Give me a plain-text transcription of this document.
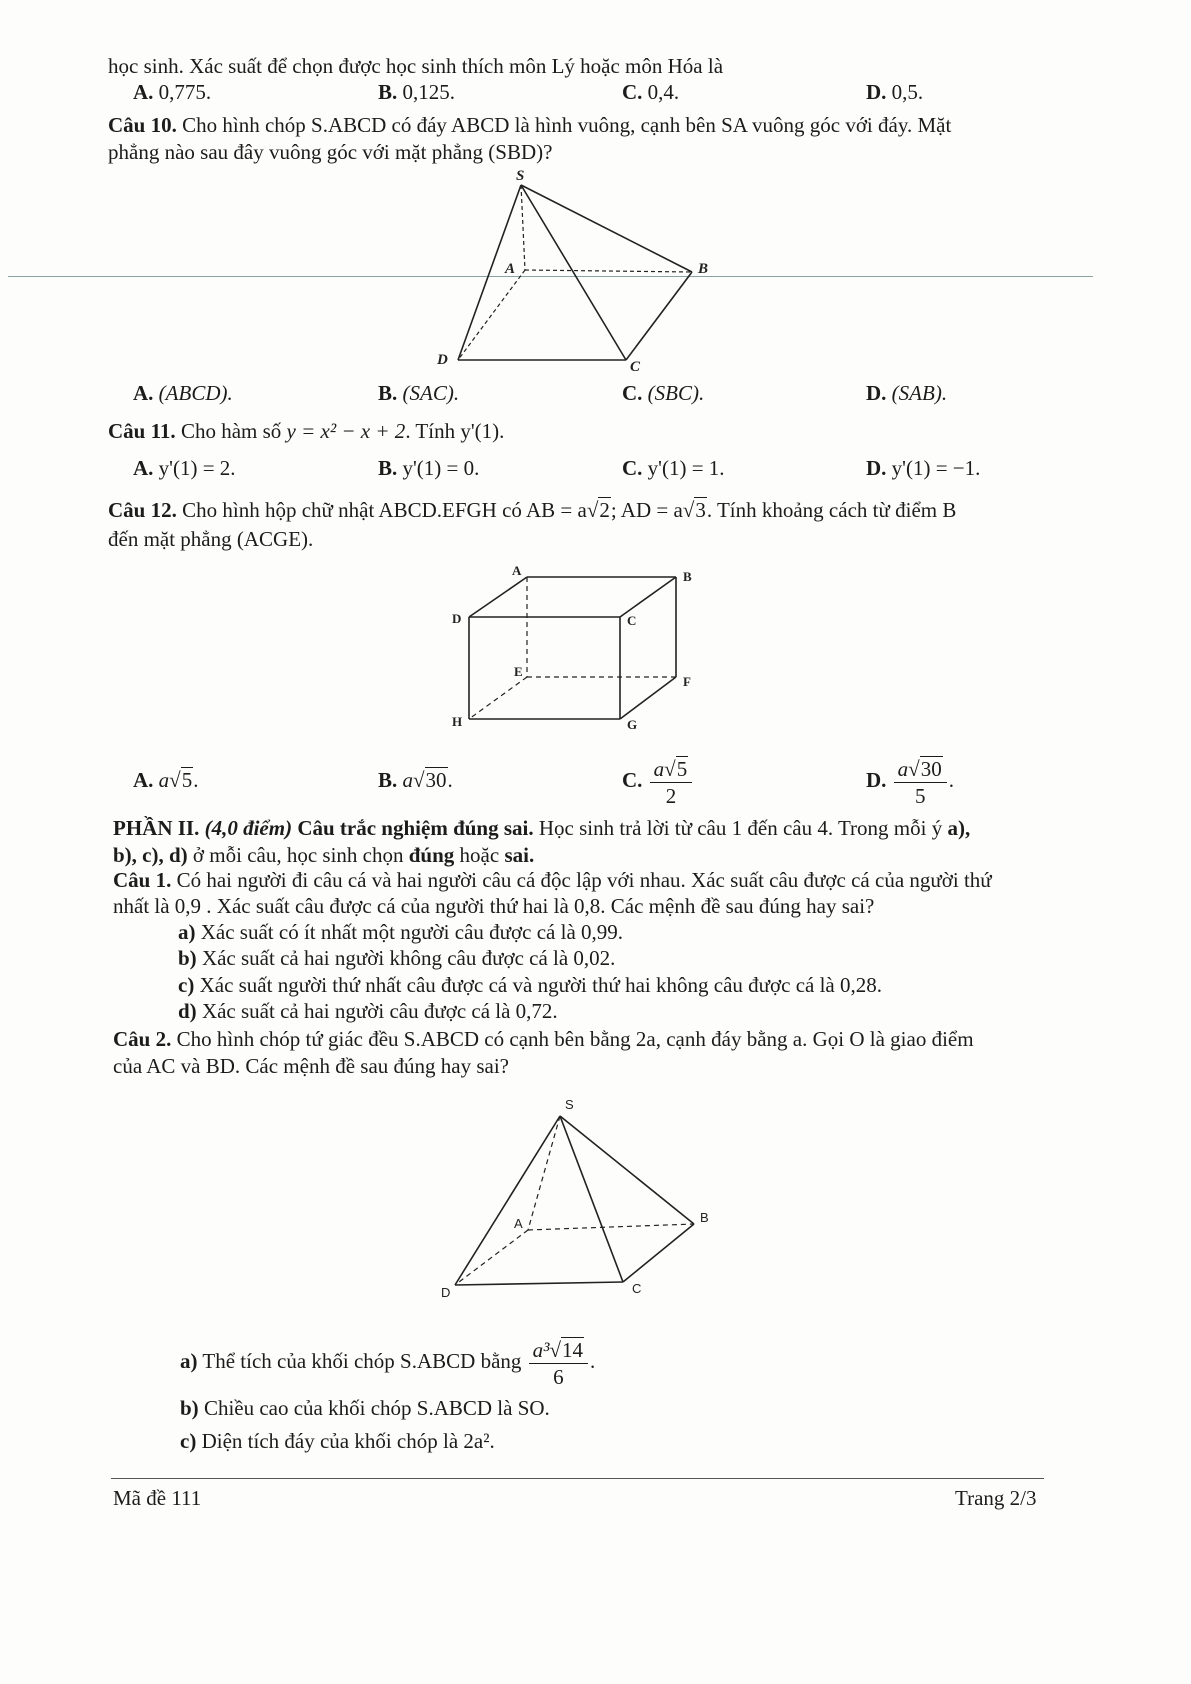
học sinh. Xác suất để chọn được học sinh thích môn Lý hoặc môn Hóa là
A. 0,775.	B. 0,125.	C. 0,4.	D. 0,5.
Câu 10. Cho hình chóp S.ABCD có đáy ABCD là hình vuông, cạnh bên SA vuông góc với đáy. Mặt
phẳng nào sau đây vuông góc với mặt phẳng (SBD)?
S
A	B
C
D
A. (ABCD).	B. (SAC).	C. (SBC).	D. (SAB).
Câu 11. Cho hàm số y = x² − x + 2. Tính y'(1).
A. y'(1) = 2.	B. y'(1) = 0.	C. y'(1) = 1.	D. y'(1) = −1.
Câu 12. Cho hình hộp chữ nhật ABCD.EFGH có AB = a√2; AD = a√3. Tính khoảng cách từ điểm B
đến mặt phẳng (ACGE).
A	B
C
D
E
F
G
H
A. a√5.	B. a√30.	C. $\frac{a√5}{2}$	D. $\frac{a√30}{5}$ .
PHẦN II. (4,0 điểm) Câu trắc nghiệm đúng sai. Học sinh trả lời từ câu 1 đến câu 4. Trong mỗi ý a),
b), c), d) ở mỗi câu, học sinh chọn đúng hoặc sai.
Câu 1. Có hai người đi câu cá và hai người câu cá độc lập với nhau. Xác suất câu được cá của người thứ
nhất là 0,9 . Xác suất câu được cá của người thứ hai là 0,8. Các mệnh đề sau đúng hay sai?
a) Xác suất có ít nhất một người câu được cá là 0,99.
b) Xác suất cả hai người không câu được cá là 0,02.
c) Xác suất người thứ nhất câu được cá và người thứ hai không câu được cá là 0,28.
d) Xác suất cả hai người câu được cá là 0,72.
Câu 2. Cho hình chóp tứ giác đều S.ABCD có cạnh bên bằng 2a, cạnh đáy bằng a. Gọi O là giao điểm
của AC và BD. Các mệnh đề sau đúng hay sai?
S
A	B
C
D
a) Thể tích của khối chóp S.ABCD bằng $\frac{\text{a³√14}}{6}$ .
b) Chiều cao của khối chóp S.ABCD là SO.
c) Diện tích đáy của khối chóp là 2a².
Mã đề 111	Trang 2/3
